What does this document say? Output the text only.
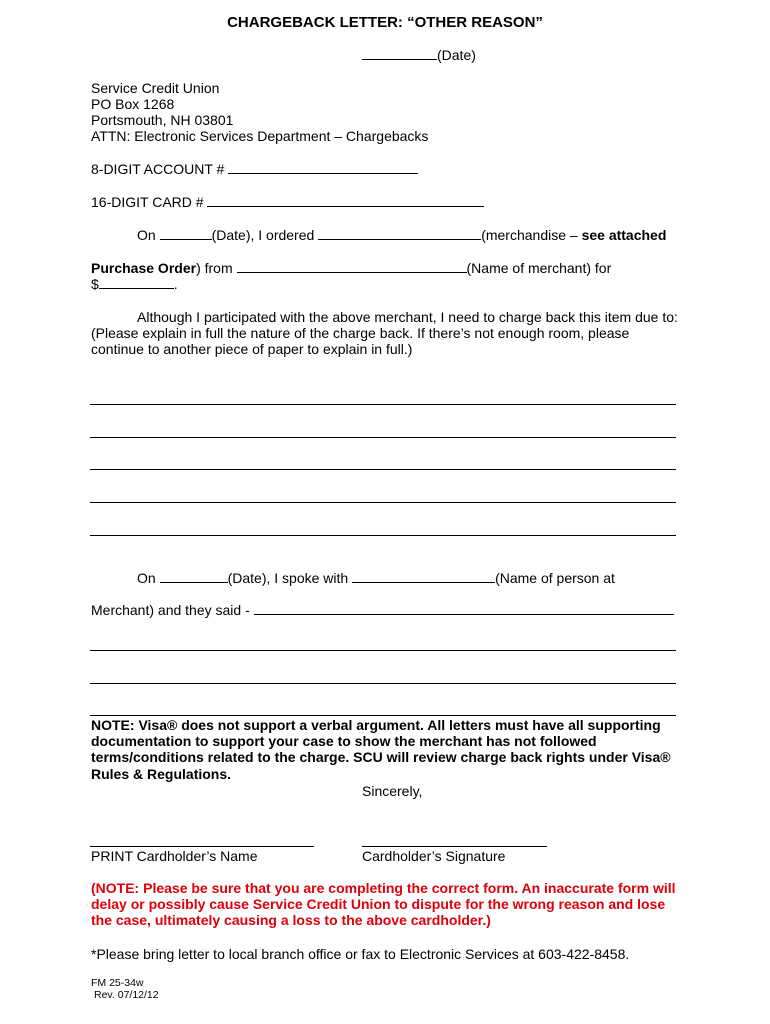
CHARGEBACK LETTER: “OTHER REASON”
(Date)
Service Credit Union
PO Box 1268
Portsmouth, NH 03801
ATTN: Electronic Services Department – Chargebacks
8-DIGIT ACCOUNT #
16-DIGIT CARD #
On	(Date), I ordered	(merchandise – see attached
Purchase Order) from	(Name of merchant) for
$	.
Although I participated with the above merchant, I need to charge back this item due to:
(Please explain in full the nature of the charge back. If there’s not enough room, please
continue to another piece of paper to explain in full.)
On	(Date), I spoke with	(Name of person at
Merchant) and they said -
NOTE: Visa® does not support a verbal argument. All letters must have all supporting
documentation to support your case to show the merchant has not followed
terms/conditions related to the charge. SCU will review charge back rights under Visa®
Rules & Regulations.
Sincerely,
PRINT Cardholder’s Name	Cardholder’s Signature
(NOTE: Please be sure that you are completing the correct form. An inaccurate form will
delay or possibly cause Service Credit Union to dispute for the wrong reason and lose
the case, ultimately causing a loss to the above cardholder.)
*Please bring letter to local branch office or fax to Electronic Services at 603-422-8458.
FM 25-34w
Rev. 07/12/12
